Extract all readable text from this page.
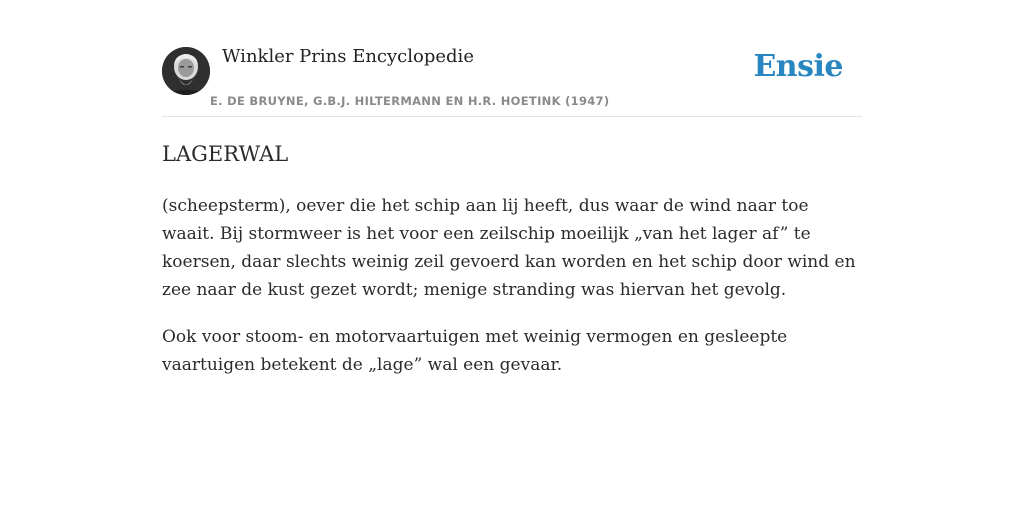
Winkler Prins Encyclopedie
E. DE BRUYNE, G.B.J. HILTERMANN EN H.R. HOETINK (1947)
Ensie
LAGERWAL

(scheepsterm), oever die het schip aan lij heeft, dus waar de wind naar toe waait. Bij stormweer is het voor een zeilschip moeilijk „van het lager af” te koersen, daar slechts weinig zeil gevoerd kan worden en het schip door wind en zee naar de kust gezet wordt; menige stranding was hiervan het gevolg.

Ook voor stoom- en motorvaartuigen met weinig vermogen en gesleepte vaartuigen betekent de „lage” wal een gevaar.
